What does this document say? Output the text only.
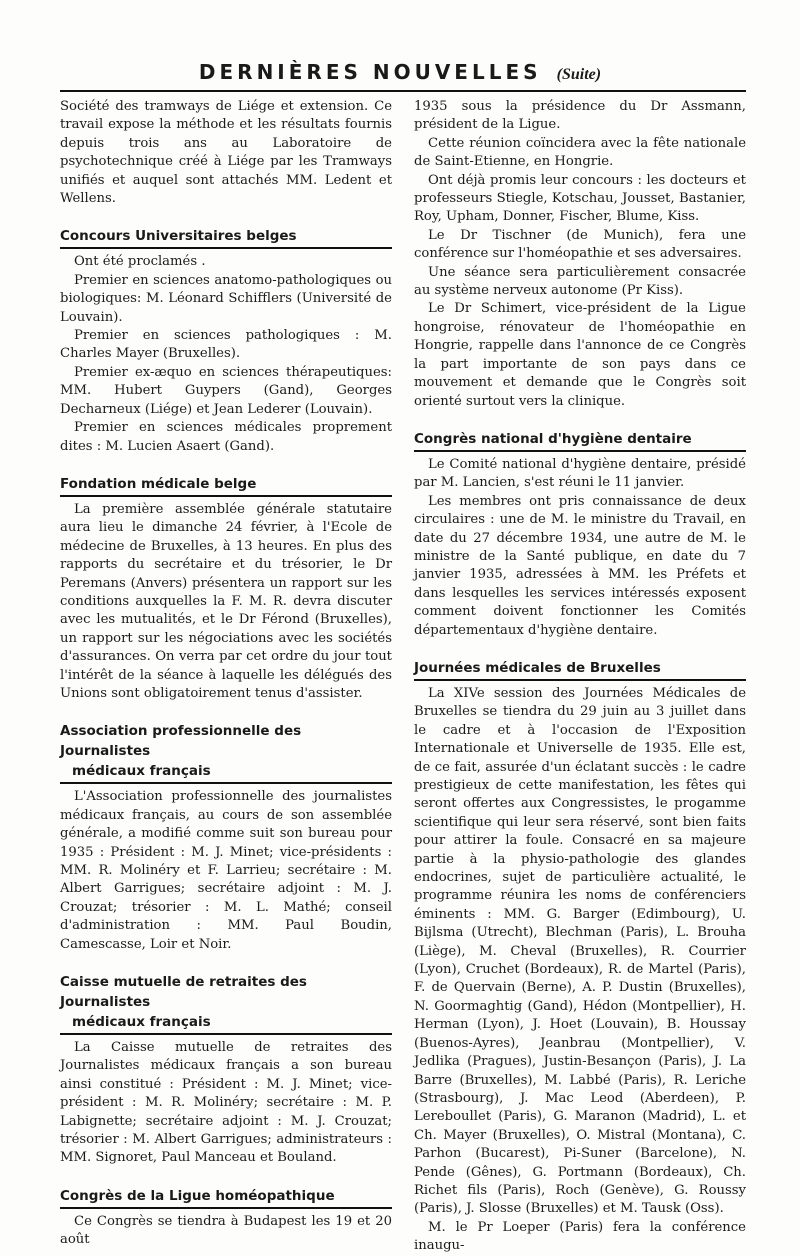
DERNIÈRES NOUVELLES (Suite)

Société des tramways de Liége et extension. Ce travail expose la méthode et les résultats fournis depuis trois ans au Laboratoire de psychotechnique créé à Liége par les Tramways unifiés et auquel sont attachés MM. Ledent et Wellens.

Concours Universitaires belges

Ont été proclamés .

Premier en sciences anatomo-pathologiques ou biologiques: M. Léonard Schifflers (Université de Louvain).

Premier en sciences pathologiques : M. Charles Mayer (Bruxelles).

Premier ex-æquo en sciences thérapeutiques: MM. Hubert Guypers (Gand), Georges Decharneux (Liége) et Jean Lederer (Louvain).

Premier en sciences médicales proprement dites : M. Lucien Asaert (Gand).

Fondation médicale belge

La première assemblée générale statutaire aura lieu le dimanche 24 février, à l'Ecole de médecine de Bruxelles, à 13 heures. En plus des rapports du secrétaire et du trésorier, le Dr Peremans (Anvers) présentera un rapport sur les conditions auxquelles la F. M. R. devra discuter avec les mutualités, et le Dr Férond (Bruxelles), un rapport sur les négociations avec les sociétés d'assurances. On verra par cet ordre du jour tout l'intérêt de la séance à laquelle les délégués des Unions sont obligatoirement tenus d'assister.

Association professionnelle des Journalistes
médicaux français

L'Association professionnelle des journalistes médicaux français, au cours de son assemblée générale, a modifié comme suit son bureau pour 1935 : Président : M. J. Minet; vice-présidents : MM. R. Molinéry et F. Larrieu; secrétaire : M. Albert Garrigues; secrétaire adjoint : M. J. Crouzat; trésorier : M. L. Mathé; conseil d'administration : MM. Paul Boudin, Camescasse, Loir et Noir.

Caisse mutuelle de retraites des Journalistes
médicaux français

La Caisse mutuelle de retraites des Journalistes médicaux français a son bureau ainsi constitué : Président : M. J. Minet; vice-président : M. R. Molinéry; secrétaire : M. P. Labignette; secrétaire adjoint : M. J. Crouzat; trésorier : M. Albert Garrigues; administrateurs : MM. Signoret, Paul Manceau et Bouland.

Congrès de la Ligue homéopathique

Ce Congrès se tiendra à Budapest les 19 et 20 août

1935 sous la présidence du Dr Assmann, président de la Ligue.

Cette réunion coïncidera avec la fête nationale de Saint-Etienne, en Hongrie.

Ont déjà promis leur concours : les docteurs et professeurs Stiegle, Kotschau, Jousset, Bastanier, Roy, Upham, Donner, Fischer, Blume, Kiss.

Le Dr Tischner (de Munich), fera une conférence sur l'homéopathie et ses adversaires.

Une séance sera particulièrement consacrée au système nerveux autonome (Pr Kiss).

Le Dr Schimert, vice-président de la Ligue hongroise, rénovateur de l'homéopathie en Hongrie, rappelle dans l'annonce de ce Congrès la part importante de son pays dans ce mouvement et demande que le Congrès soit orienté surtout vers la clinique.

Congrès national d'hygiène dentaire

Le Comité national d'hygiène dentaire, présidé par M. Lancien, s'est réuni le 11 janvier.

Les membres ont pris connaissance de deux circulaires : une de M. le ministre du Travail, en date du 27 décembre 1934, une autre de M. le ministre de la Santé publique, en date du 7 janvier 1935, adressées à MM. les Préfets et dans lesquelles les services intéressés exposent comment doivent fonctionner les Comités départementaux d'hygiène dentaire.

Journées médicales de Bruxelles

La XIVe session des Journées Médicales de Bruxelles se tiendra du 29 juin au 3 juillet dans le cadre et à l'occasion de l'Exposition Internationale et Universelle de 1935. Elle est, de ce fait, assurée d'un éclatant succès : le cadre prestigieux de cette manifestation, les fêtes qui seront offertes aux Congressistes, le progamme scientifique qui leur sera réservé, sont bien faits pour attirer la foule. Consacré en sa majeure partie à la physio-pathologie des glandes endocrines, sujet de particulière actualité, le programme réunira les noms de conférenciers éminents : MM. G. Barger (Edimbourg), U. Bijlsma (Utrecht), Blechman (Paris), L. Brouha (Liège), M. Cheval (Bruxelles), R. Courrier (Lyon), Cruchet (Bordeaux), R. de Martel (Paris), F. de Quervain (Berne), A. P. Dustin (Bruxelles), N. Goormaghtig (Gand), Hédon (Montpellier), H. Herman (Lyon), J. Hoet (Louvain), B. Houssay (Buenos-Ayres), Jeanbrau (Montpellier), V. Jedlika (Pragues), Justin-Besançon (Paris), J. La Barre (Bruxelles), M. Labbé (Paris), R. Leriche (Strasbourg), J. Mac Leod (Aberdeen), P. Lereboullet (Paris), G. Maranon (Madrid), L. et Ch. Mayer (Bruxelles), O. Mistral (Montana), C. Parhon (Bucarest), Pi-Suner (Barcelone), N. Pende (Gênes), G. Portmann (Bordeaux), Ch. Richet fils (Paris), Roch (Genève), G. Roussy (Paris), J. Slosse (Bruxelles) et M. Tausk (Oss).

M. le Pr Loeper (Paris) fera la conférence inaugu-
